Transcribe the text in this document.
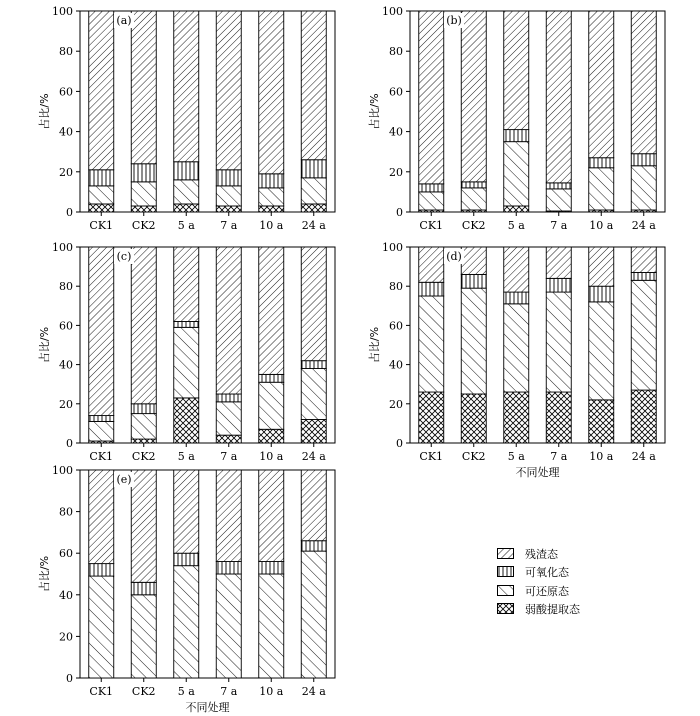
0
20
40
60
80
100
占比/%
CK1 CK2 5 a 7 a 10 a 24 a
(a)
0
20
40
60
80
100
占比/%
CK1 CK2 5 a 7 a 10 a 24 a
(b)
0
20
40
60
80
100
占比/%
CK1 CK2 5 a 7 a 10 a 24 a
(c)
0
20
40
60
80
100
占比/%
CK1 CK2 5 a 7 a 10 a 24 a
(d)
不同处理
0
20
40
60
80
100
占比/%
CK1 CK2 5 a 7 a 10 a 24 a
(e)
不同处理
残渣态
可氧化态
可还原态
弱酸提取态
